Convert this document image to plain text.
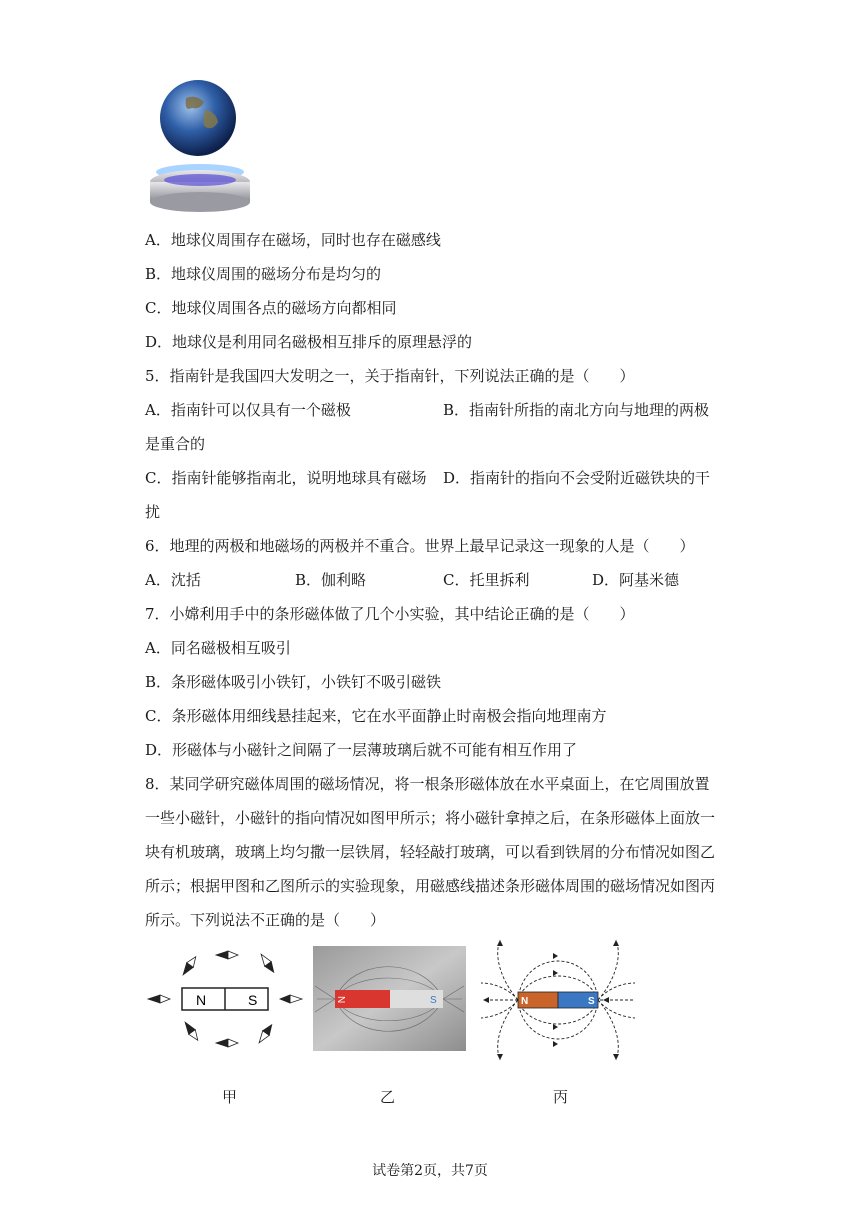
A．地球仪周围存在磁场，同时也存在磁感线
B．地球仪周围的磁场分布是均匀的
C．地球仪周围各点的磁场方向都相同
D．地球仪是利用同名磁极相互排斥的原理悬浮的
5．指南针是我国四大发明之一，关于指南针，下列说法正确的是（　　）
A．指南针可以仅具有一个磁极	B．指南针所指的南北方向与地理的两极
是重合的
C．指南针能够指南北，说明地球具有磁场 D．指南针的指向不会受附近磁铁块的干
扰
6．地理的两极和地磁场的两极并不重合。世界上最早记录这一现象的人是（　　）
A．沈括	B．伽利略	C．托里拆利	D．阿基米德
7．小嫦利用手中的条形磁体做了几个小实验，其中结论正确的是（　　）
A．同名磁极相互吸引
B．条形磁体吸引小铁钉，小铁钉不吸引磁铁
C．条形磁体用细线悬挂起来，它在水平面静止时南极会指向地理南方
D．形磁体与小磁针之间隔了一层薄玻璃后就不可能有相互作用了
8．某同学研究磁体周围的磁场情况，将一根条形磁体放在水平桌面上，在它周围放置
一些小磁针，小磁针的指向情况如图甲所示；将小磁针拿掉之后，在条形磁体上面放一
块有机玻璃，玻璃上均匀撒一层铁屑，轻轻敲打玻璃，可以看到铁屑的分布情况如图乙
所示；根据甲图和乙图所示的实验现象，用磁感线描述条形磁体周围的磁场情况如图丙
所示。下列说法不正确的是（　　）
N	S	N	S	N	S
甲	乙	丙
试卷第2页，共7页
